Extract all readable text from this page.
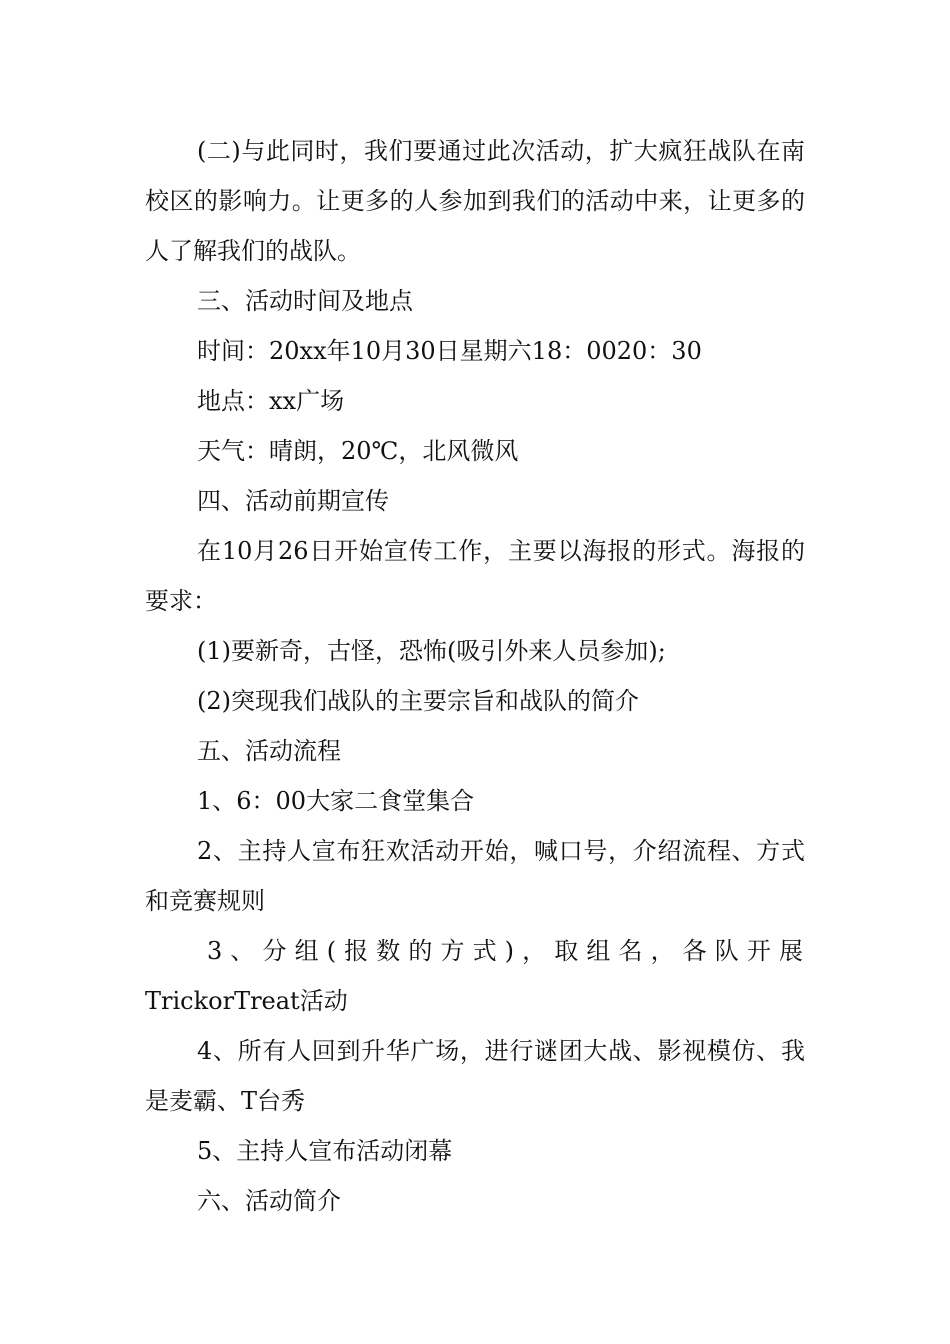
(二)与此同时，我们要通过此次活动，扩大疯狂战队在南校区的影响力。让更多的人参加到我们的活动中来，让更多的人了解我们的战队。

三、活动时间及地点

时间：20xx年10月30日星期六18：0020：30

地点：xx广场

天气：晴朗，20℃，北风微风

四、活动前期宣传

在10月26日开始宣传工作，主要以海报的形式。海报的要求：

(1)要新奇，古怪，恐怖(吸引外来人员参加);

(2)突现我们战队的主要宗旨和战队的简介

五、活动流程

1、6：00大家二食堂集合

2、主持人宣布狂欢活动开始，喊口号，介绍流程、方式和竞赛规则

3、分组(报数的方式)，取组名，各队开展
TrickorTreat活动

4、所有人回到升华广场，进行谜团大战、影视模仿、我是麦霸、T台秀

5、主持人宣布活动闭幕

六、活动简介
